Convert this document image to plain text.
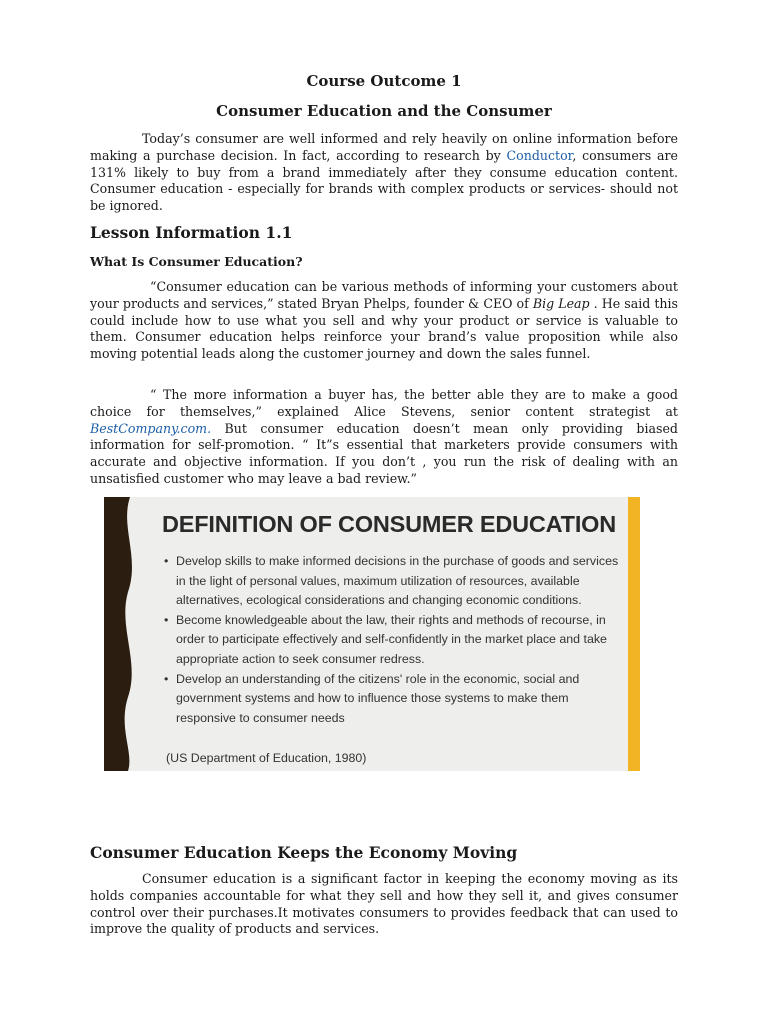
Course Outcome 1
Consumer Education and the Consumer

Today’s consumer are well informed and rely heavily on online information before making a purchase decision. In fact, according to research by Conductor, consumers are 131% likely to buy from a brand immediately after they consume education content. Consumer education - especially for brands with complex products or services- should not be ignored.

Lesson Information 1.1
What Is Consumer Education?

“Consumer education can be various methods of informing your customers about your products and services,” stated Bryan Phelps, founder & CEO of Big Leap . He said this could include how to use what you sell and why your product or service is valuable to them. Consumer education helps reinforce your brand’s value proposition while also moving potential leads along the customer journey and down the sales funnel.

“ The more information a buyer has, the better able they are to make a good choice for themselves,” explained Alice Stevens, senior content strategist at BestCompany.com. But consumer education doesn’t mean only providing biased information for self-promotion. “ It”s essential that marketers provide consumers with accurate and objective information. If you don’t , you run the risk of dealing with an unsatisfied customer who may leave a bad review.”

DEFINITION OF CONSUMER EDUCATION
• Develop skills to make informed decisions in the purchase of goods and services in the light of personal values, maximum utilization of resources, available alternatives, ecological considerations and changing economic conditions.
• Become knowledgeable about the law, their rights and methods of recourse, in order to participate effectively and self-confidently in the market place and take appropriate action to seek consumer redress.
• Develop an understanding of the citizens' role in the economic, social and government systems and how to influence those systems to make them responsive to consumer needs
(US Department of Education, 1980)
Consumer Education Keeps the Economy Moving

Consumer education is a significant factor in keeping the economy moving as its holds companies accountable for what they sell and how they sell it, and gives consumer control over their purchases.It motivates consumers to provides feedback that can used to improve the quality of products and services.
